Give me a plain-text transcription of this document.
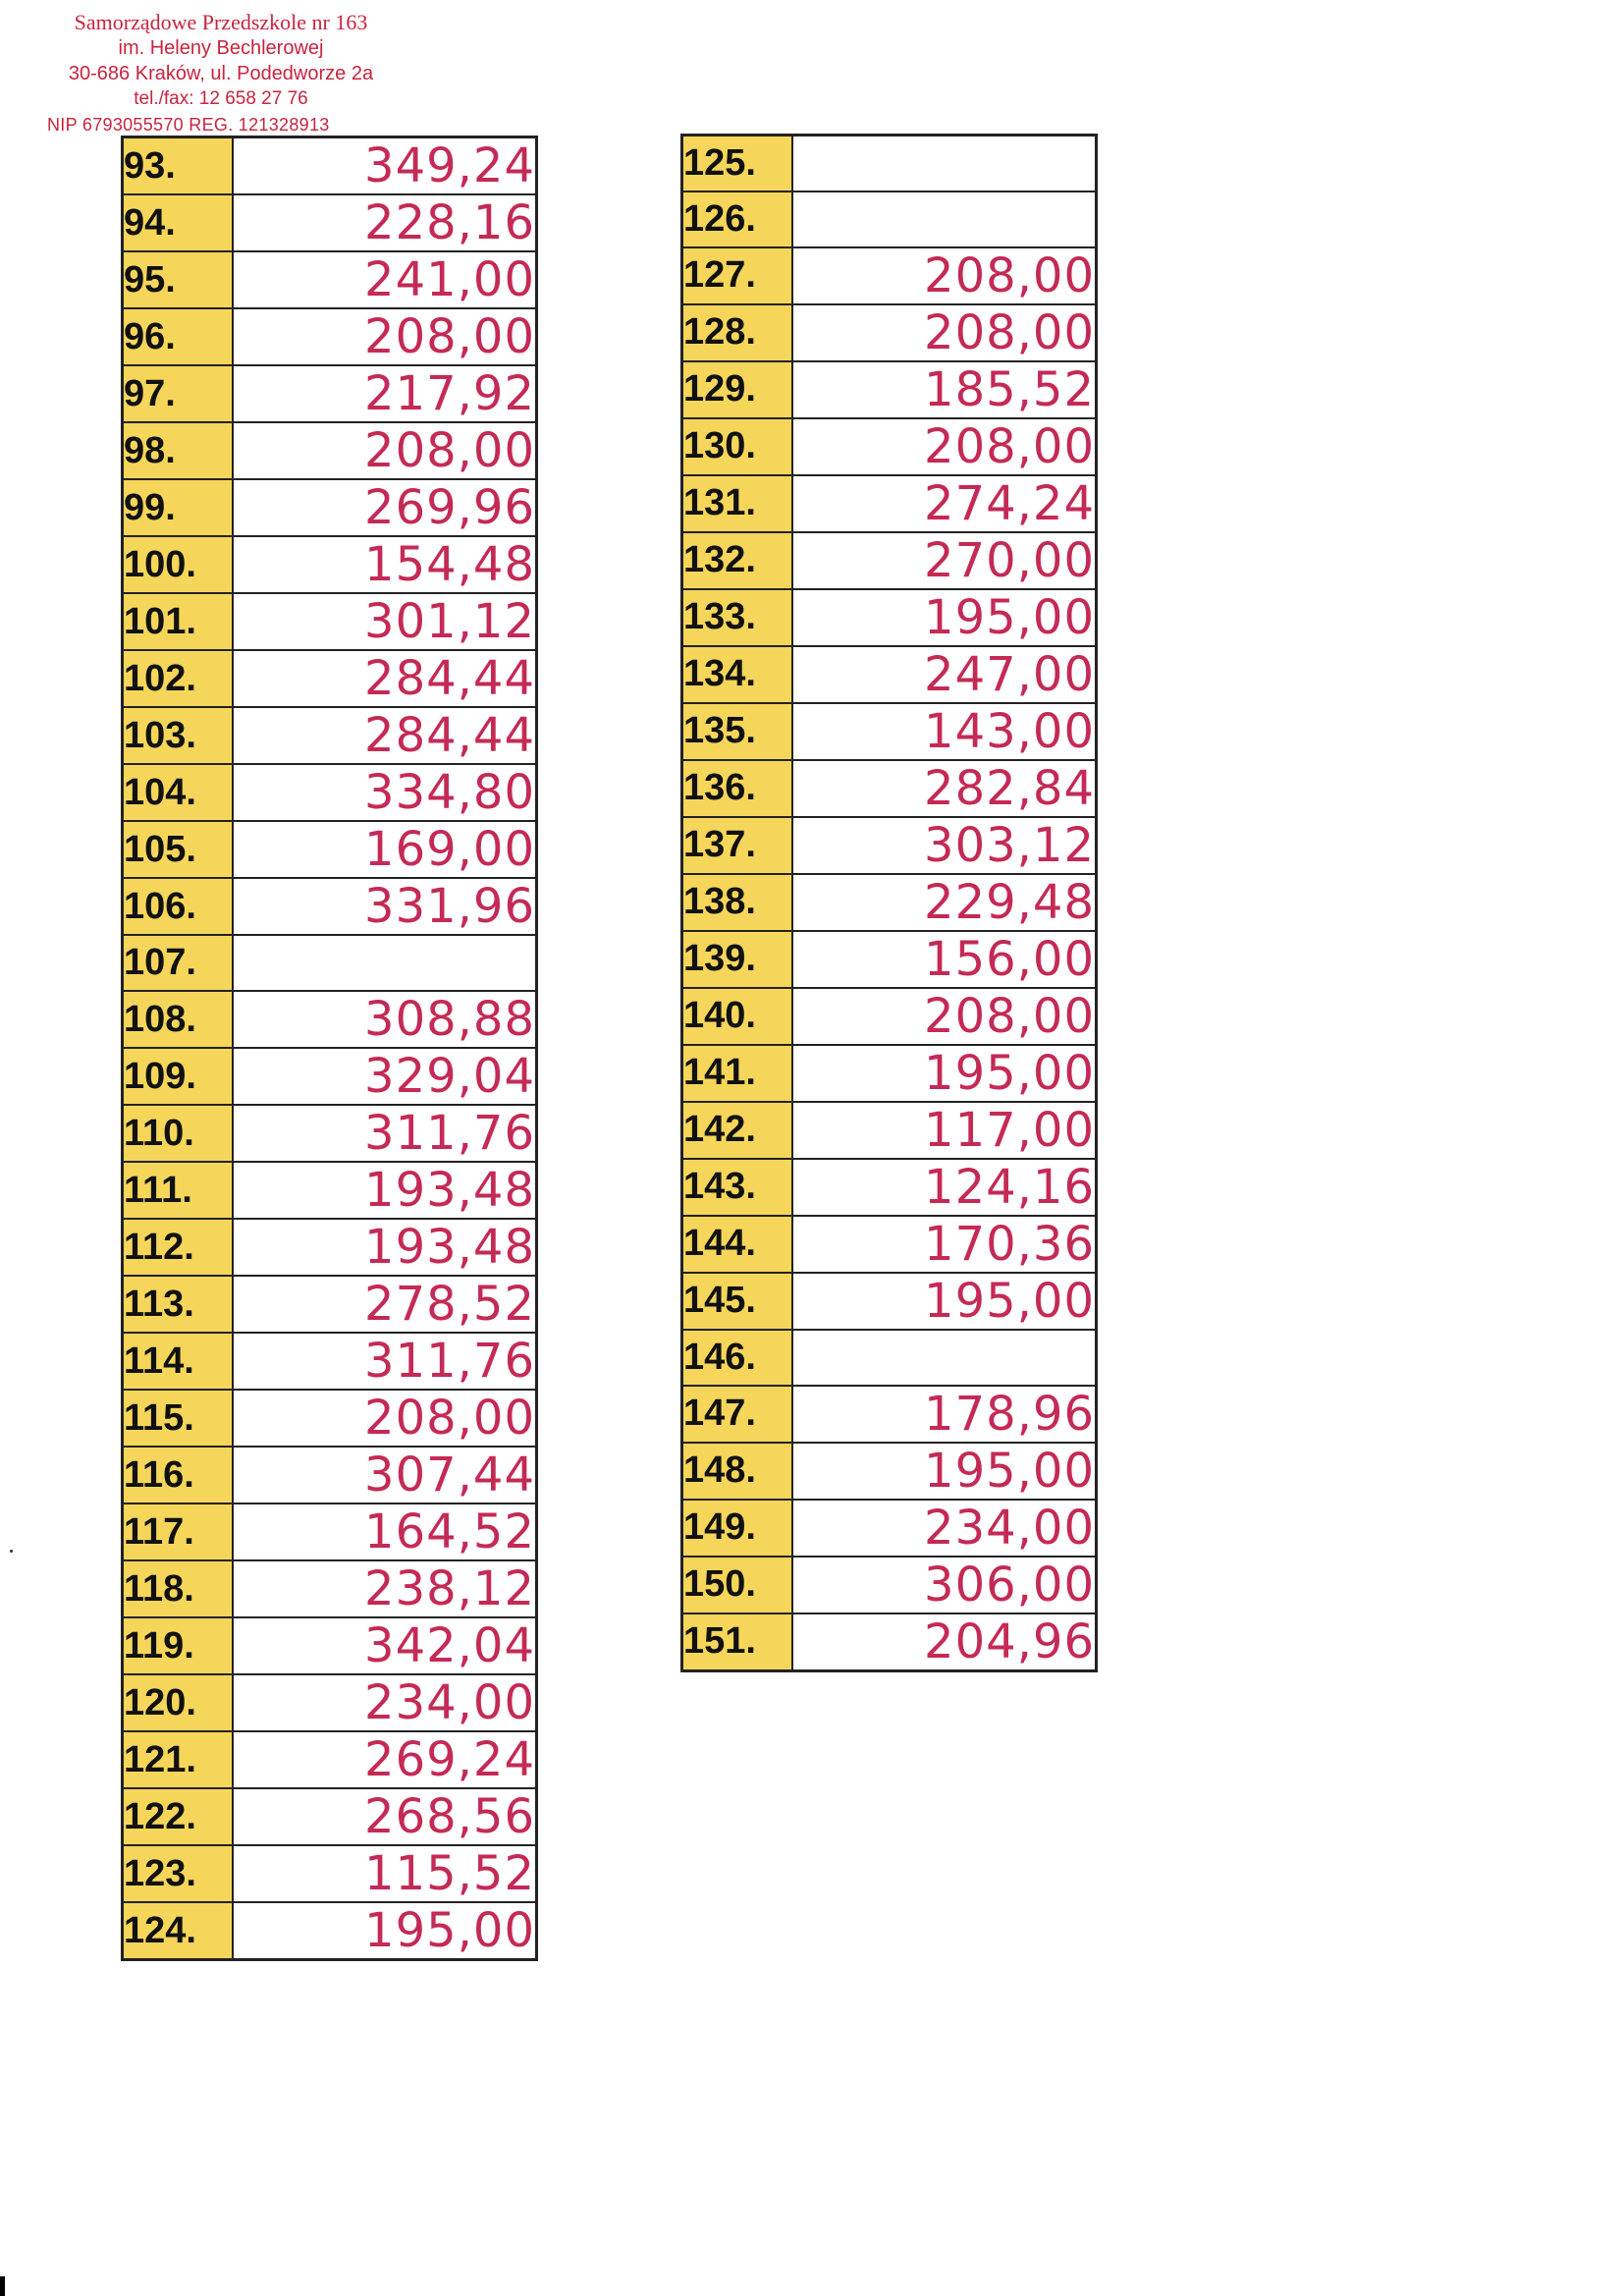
Samorządowe Przedszkole nr 163
im. Heleny Bechlerowej
30-686 Kraków, ul. Podedworze 2a
tel./fax: 12 658 27 76
NIP 6793055570 REG. 121328913
93.	349,24
94.	228,16
95.	241,00
96.	208,00
97.	217,92
98.	208,00
99.	269,96
100.	154,48
101.	301,12
102.	284,44
103.	284,44
104.	334,80
105.	169,00
106.	331,96
107.	
108.	308,88
109.	329,04
110.	311,76
111.	193,48
112.	193,48
113.	278,52
114.	311,76
115.	208,00
116.	307,44
117.	164,52
118.	238,12
119.	342,04
120.	234,00
121.	269,24
122.	268,56
123.	115,52
124.	195,00
125.	
126.	
127.	208,00
128.	208,00
129.	185,52
130.	208,00
131.	274,24
132.	270,00
133.	195,00
134.	247,00
135.	143,00
136.	282,84
137.	303,12
138.	229,48
139.	156,00
140.	208,00
141.	195,00
142.	117,00
143.	124,16
144.	170,36
145.	195,00
146.	
147.	178,96
148.	195,00
149.	234,00
150.	306,00
151.	204,96
